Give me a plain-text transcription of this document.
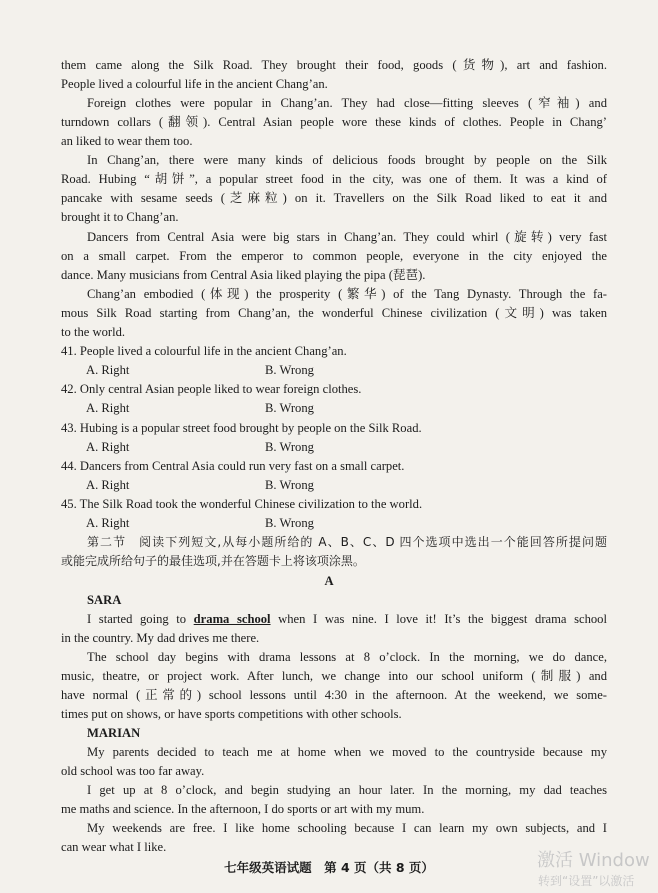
them came along the Silk Road. They brought their food, goods (货物), art and fashion.
People lived a colourful life in the ancient Chang’an.
Foreign clothes were popular in Chang’an. They had close—fitting sleeves (窄袖) and
turndown collars (翻领). Central Asian people wore these kinds of clothes. People in Chang’
an liked to wear them too.
In Chang’an, there were many kinds of delicious foods brought by people on the Silk
Road. Hubing “胡饼”, a popular street food in the city, was one of them. It was a kind of
pancake with sesame seeds (芝麻粒) on it. Travellers on the Silk Road liked to eat it and
brought it to Chang’an.
Dancers from Central Asia were big stars in Chang’an. They could whirl (旋转) very fast
on a small carpet. From the emperor to common people, everyone in the city enjoyed the
dance. Many musicians from Central Asia liked playing the pipa (琵琶).
Chang’an embodied (体现) the prosperity (繁华) of the Tang Dynasty. Through the fa-
mous Silk Road starting from Chang’an, the wonderful Chinese civilization (文明) was taken
to the world.
41. People lived a colourful life in the ancient Chang’an.
A. Right	B. Wrong
42. Only central Asian people liked to wear foreign clothes.
A. Right	B. Wrong
43. Hubing is a popular street food brought by people on the Silk Road.
A. Right	B. Wrong
44. Dancers from Central Asia could run very fast on a small carpet.
A. Right	B. Wrong
45. The Silk Road took the wonderful Chinese civilization to the world.
A. Right	B. Wrong
第二节　阅读下列短文,从每小题所给的 A、B、C、D 四个选项中选出一个能回答所提问题
或能完成所给句子的最佳选项,并在答题卡上将该项涂黑。
A
SARA
I started going to drama school when I was nine. I love it! It’s the biggest drama school
in the country. My dad drives me there.
The school day begins with drama lessons at 8 o’clock. In the morning, we do dance,
music, theatre, or project work. After lunch, we change into our school uniform (制服) and
have normal (正常的) school lessons until 4:30 in the afternoon. At the weekend, we some-
times put on shows, or have sports competitions with other schools.
MARIAN
My parents decided to teach me at home when we moved to the countryside because my
old school was too far away.
I get up at 8 o’clock, and begin studying an hour later. In the morning, my dad teaches
me maths and science. In the afternoon, I do sports or art with my mum.
My weekends are free. I like home schooling because I can learn my own subjects, and I
can wear what I like.
七年级英语试题　第 4 页（共 8 页）	激活 Window
转到“设置”以激活
